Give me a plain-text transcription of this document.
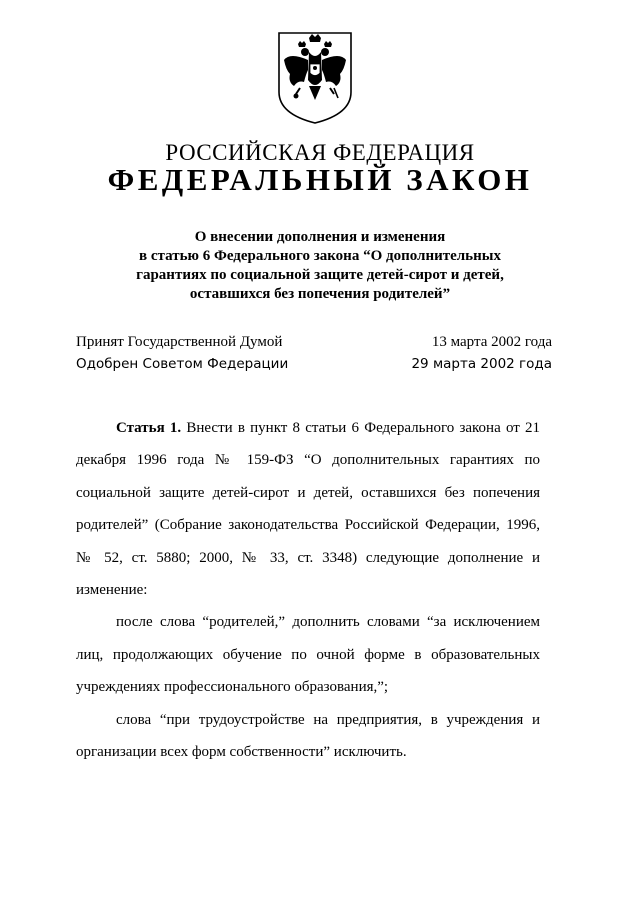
РОССИЙСКАЯ ФЕДЕРАЦИЯ
ФЕДЕРАЛЬНЫЙ ЗАКОН
О внесении дополнения и изменения
в статью 6 Федерального закона “О дополнительных
гарантиях по социальной защите детей-сирот и детей,
оставшихся без попечения родителей”
Принят Государственной Думой	13 марта 2002 года
Одобрен Советом Федерации	29 марта 2002 года
Статья 1. Внести в пункт 8 статьи 6 Федерального закона от 21
декабря 1996 года № 159-ФЗ “О дополнительных гарантиях по
социальной защите детей-сирот и детей, оставшихся без попечения
родителей” (Собрание законодательства Российской Федерации, 1996,
№ 52, ст. 5880; 2000, № 33, ст. 3348) следующие дополнение и
изменение:
после слова “родителей,” дополнить словами “за исключением
лиц, продолжающих обучение по очной форме в образовательных
учреждениях профессионального образования,”;
слова “при трудоустройстве на предприятия, в учреждения и
организации всех форм собственности” исключить.
